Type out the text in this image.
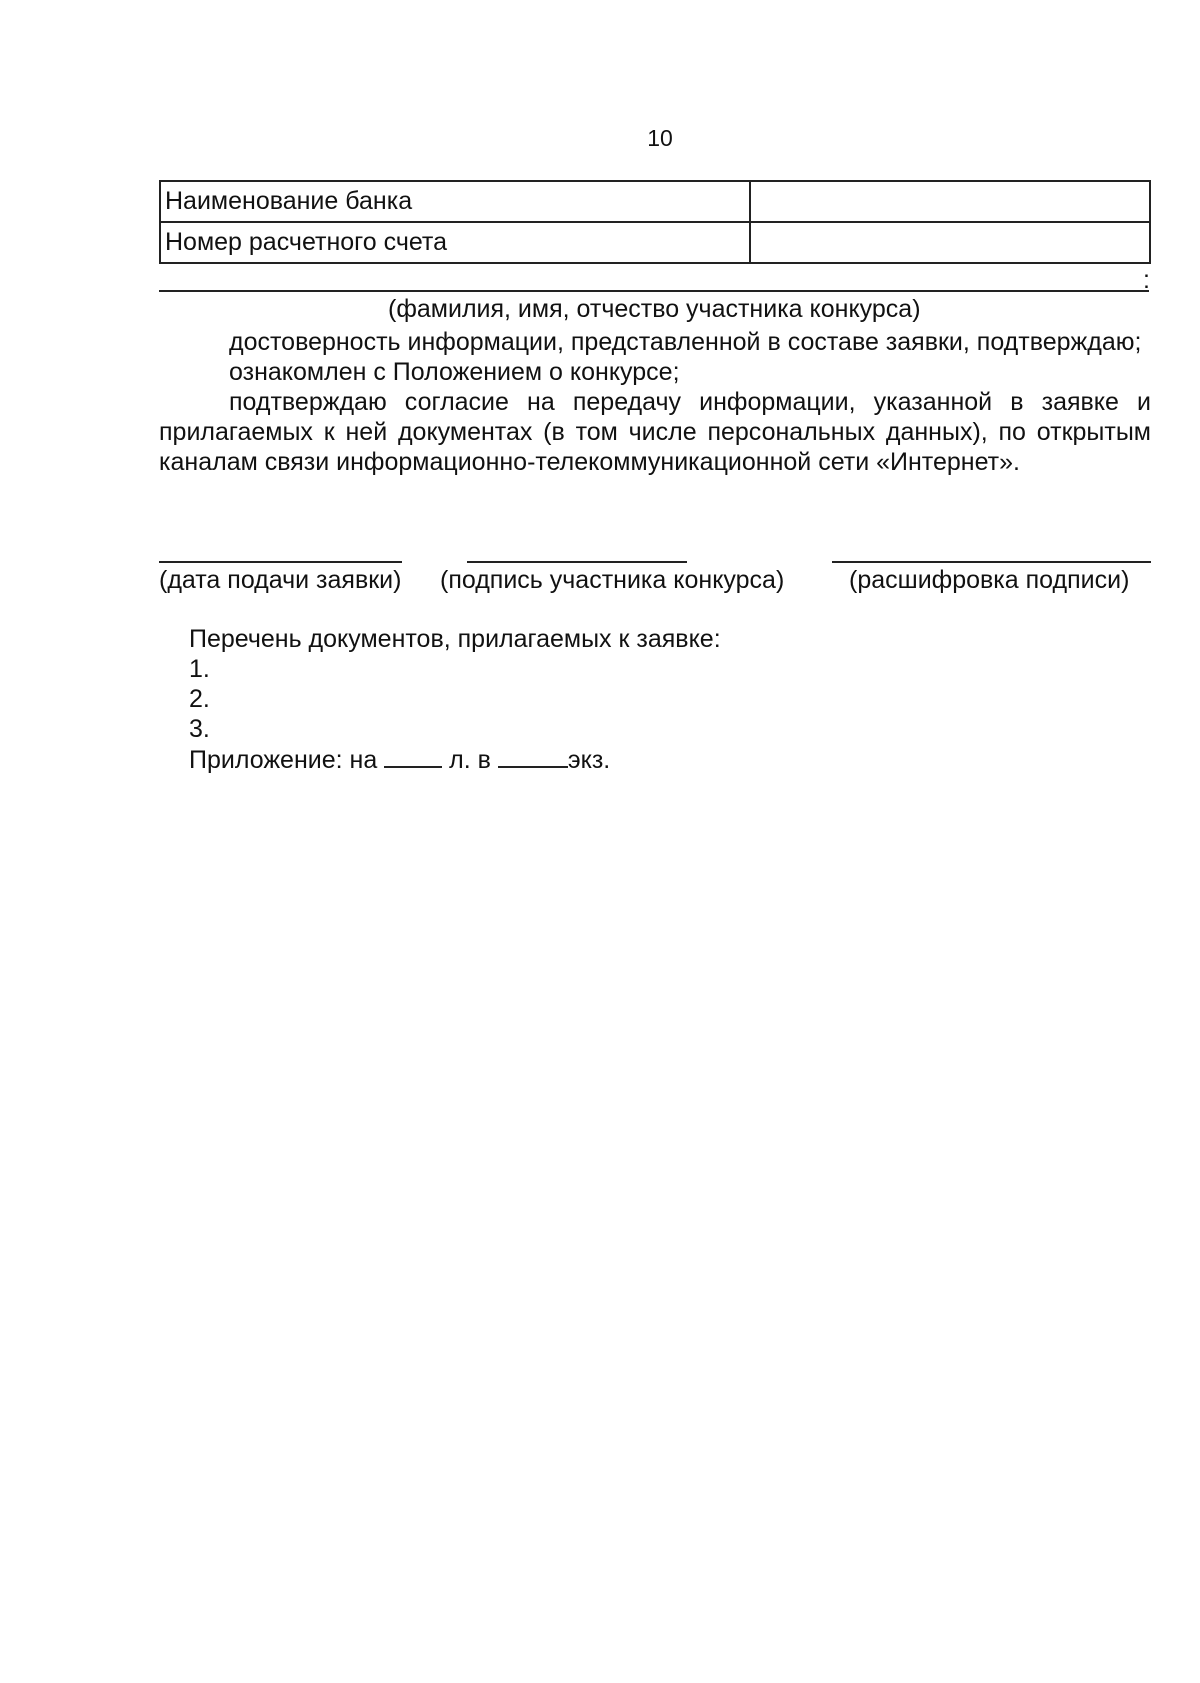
10
Наименование банка	
Номер расчетного счета	
:
(фамилия, имя, отчество участника конкурса)

достоверность информации, представленной в составе заявки, подтверждаю;

ознакомлен с Положением о конкурсе;

подтверждаю согласие на передачу информации, указанной в заявке и прилагаемых к ней документах (в том числе персональных данных), по открытым каналам связи информационно-телекоммуникационной сети «Интернет».

(дата подачи заявки) (подпись участника конкурса)	(расшифровка подписи)
Перечень документов, прилагаемых к заявке:
1.
2.
3.
Приложение: на	л. в	экз.
